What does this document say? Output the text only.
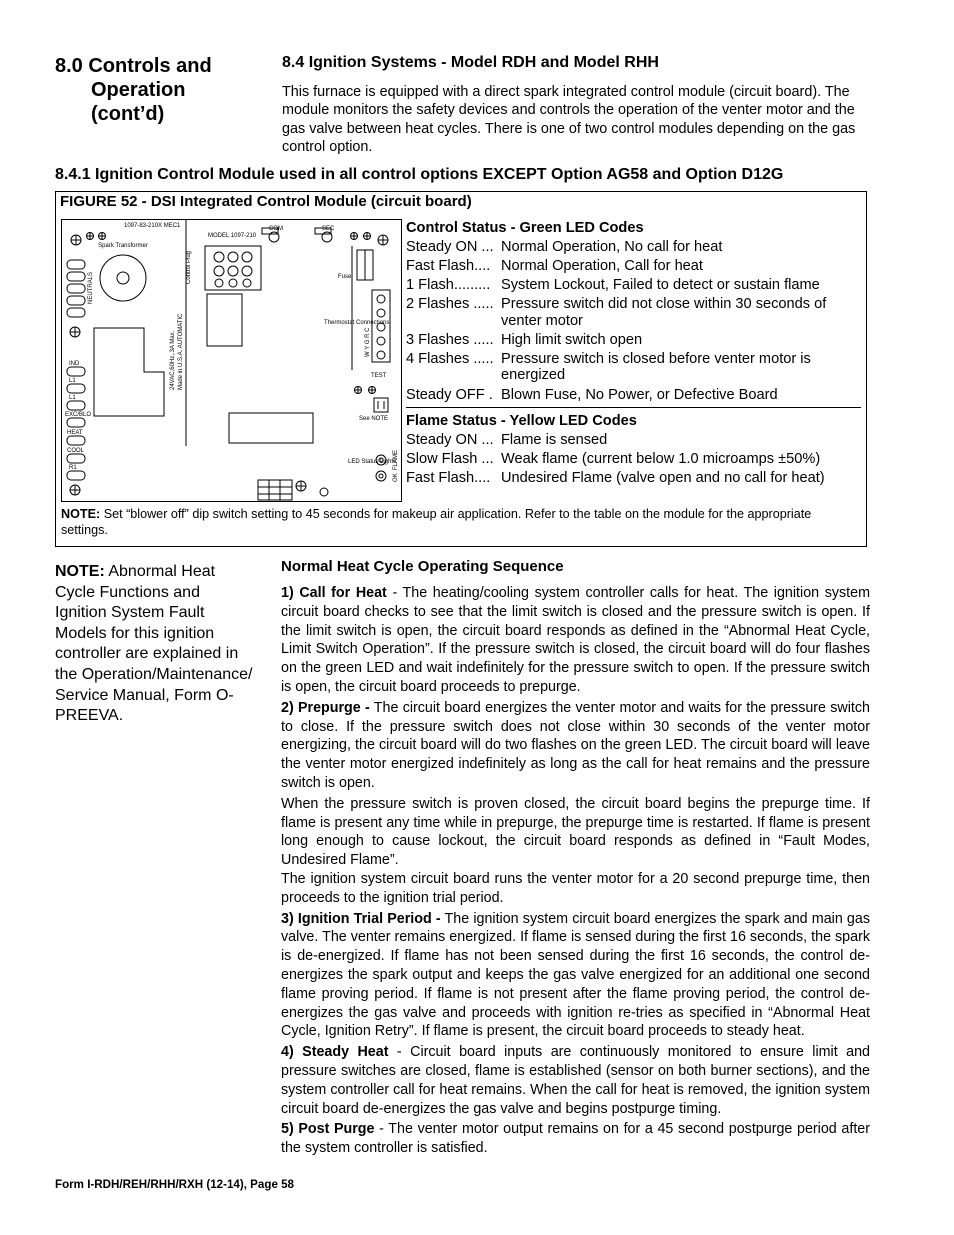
8.0 Controls and
Operation
(cont’d)
8.4 Ignition Systems - Model RDH and Model RHH
This furnace is equipped with a direct spark integrated control module (circuit board). The module monitors the safety devices and controls the operation of the venter motor and the gas valve between heat cycles. There is one of two control modules depending on the gas control option.
8.4.1 Ignition Control Module used in all control options EXCEPT Option AG58 and Option D12G
FIGURE 52 - DSI Integrated Control Module (circuit board)
1097-83-210X MEC1
MODEL 1097-210
COM	SEC
Spark Transformer
Control Plug	Fuse
Thermostat Connections
TEST
See NOTE
LED Status Lights
FLAME
OK
NEUTRALS
IND
L1
L1
EXC/BLO
HEAT
COOL
R1
24VAC,60Hz,.3A Max. Made in U.S.A. AUTOMATIC	W Y G R C
Control Status - Green LED Codes
Steady ON ... Normal Operation, No call for heat
Fast Flash.... Normal Operation, Call for heat
1 Flash......... System Lockout, Failed to detect or sustain flame
2 Flashes ..... Pressure switch did not close within 30 seconds of venter motor
3 Flashes ..... High limit switch open
4 Flashes ..... Pressure switch is closed before venter motor is energized
Steady OFF . Blown Fuse, No Power, or Defective Board
Flame Status - Yellow LED Codes
Steady ON ... Flame is sensed
Slow Flash ... Weak flame (current below 1.0 microamps ±50%)
Fast Flash.... Undesired Flame (valve open and no call for heat)
NOTE: Set “blower off” dip switch setting to 45 seconds for makeup air application. Refer to the table on the module for the appropriate settings.
NOTE: Abnormal Heat Cycle Functions and Ignition System Fault Models for this ignition controller are explained in the Operation/Maintenance/ Service Manual, Form O-PREEVA.
Normal Heat Cycle Operating Sequence

1) Call for Heat - The heating/cooling system controller calls for heat. The ignition system circuit board checks to see that the limit switch is closed and the pressure switch is open. If the limit switch is open, the circuit board responds as defined in the “Abnormal Heat Cycle, Limit Switch Operation”. If the pressure switch is closed, the circuit board will do four flashes on the green LED and wait indefinitely for the pressure switch to open. If the pressure switch is open, the circuit board proceeds to prepurge.

2) Prepurge - The circuit board energizes the venter motor and waits for the pressure switch to close. If the pressure switch does not close within 30 seconds of the venter motor energizing, the circuit board will do two flashes on the green LED. The circuit board will leave the venter motor energized indefinitely as long as the call for heat remains and the pressure switch is open.

When the pressure switch is proven closed, the circuit board begins the prepurge time. If flame is present any time while in prepurge, the prepurge time is restarted. If flame is present long enough to cause lockout, the circuit board responds as defined in “Fault Modes, Undesired Flame”.

The ignition system circuit board runs the venter motor for a 20 second prepurge time, then proceeds to the ignition trial period.

3) Ignition Trial Period - The ignition system circuit board energizes the spark and main gas valve. The venter remains energized. If flame is sensed during the first 16 seconds, the spark is de-energized. If flame has not been sensed during the first 16 seconds, the control de-energizes the spark output and keeps the gas valve energized for an additional one second flame proving period. If flame is not present after the flame proving period, the control de-energizes the gas valve and proceeds with ignition re-tries as specified in “Abnormal Heat Cycle, Ignition Retry”. If flame is present, the circuit board proceeds to steady heat.

4) Steady Heat - Circuit board inputs are continuously monitored to ensure limit and pressure switches are closed, flame is established (sensor on both burner sections), and the system controller call for heat remains. When the call for heat is removed, the ignition system circuit board de-energizes the gas valve and begins postpurge timing.

5) Post Purge - The venter motor output remains on for a 45 second postpurge period after the system controller is satisfied.

Form I-RDH/REH/RHH/RXH (12-14), Page 58
